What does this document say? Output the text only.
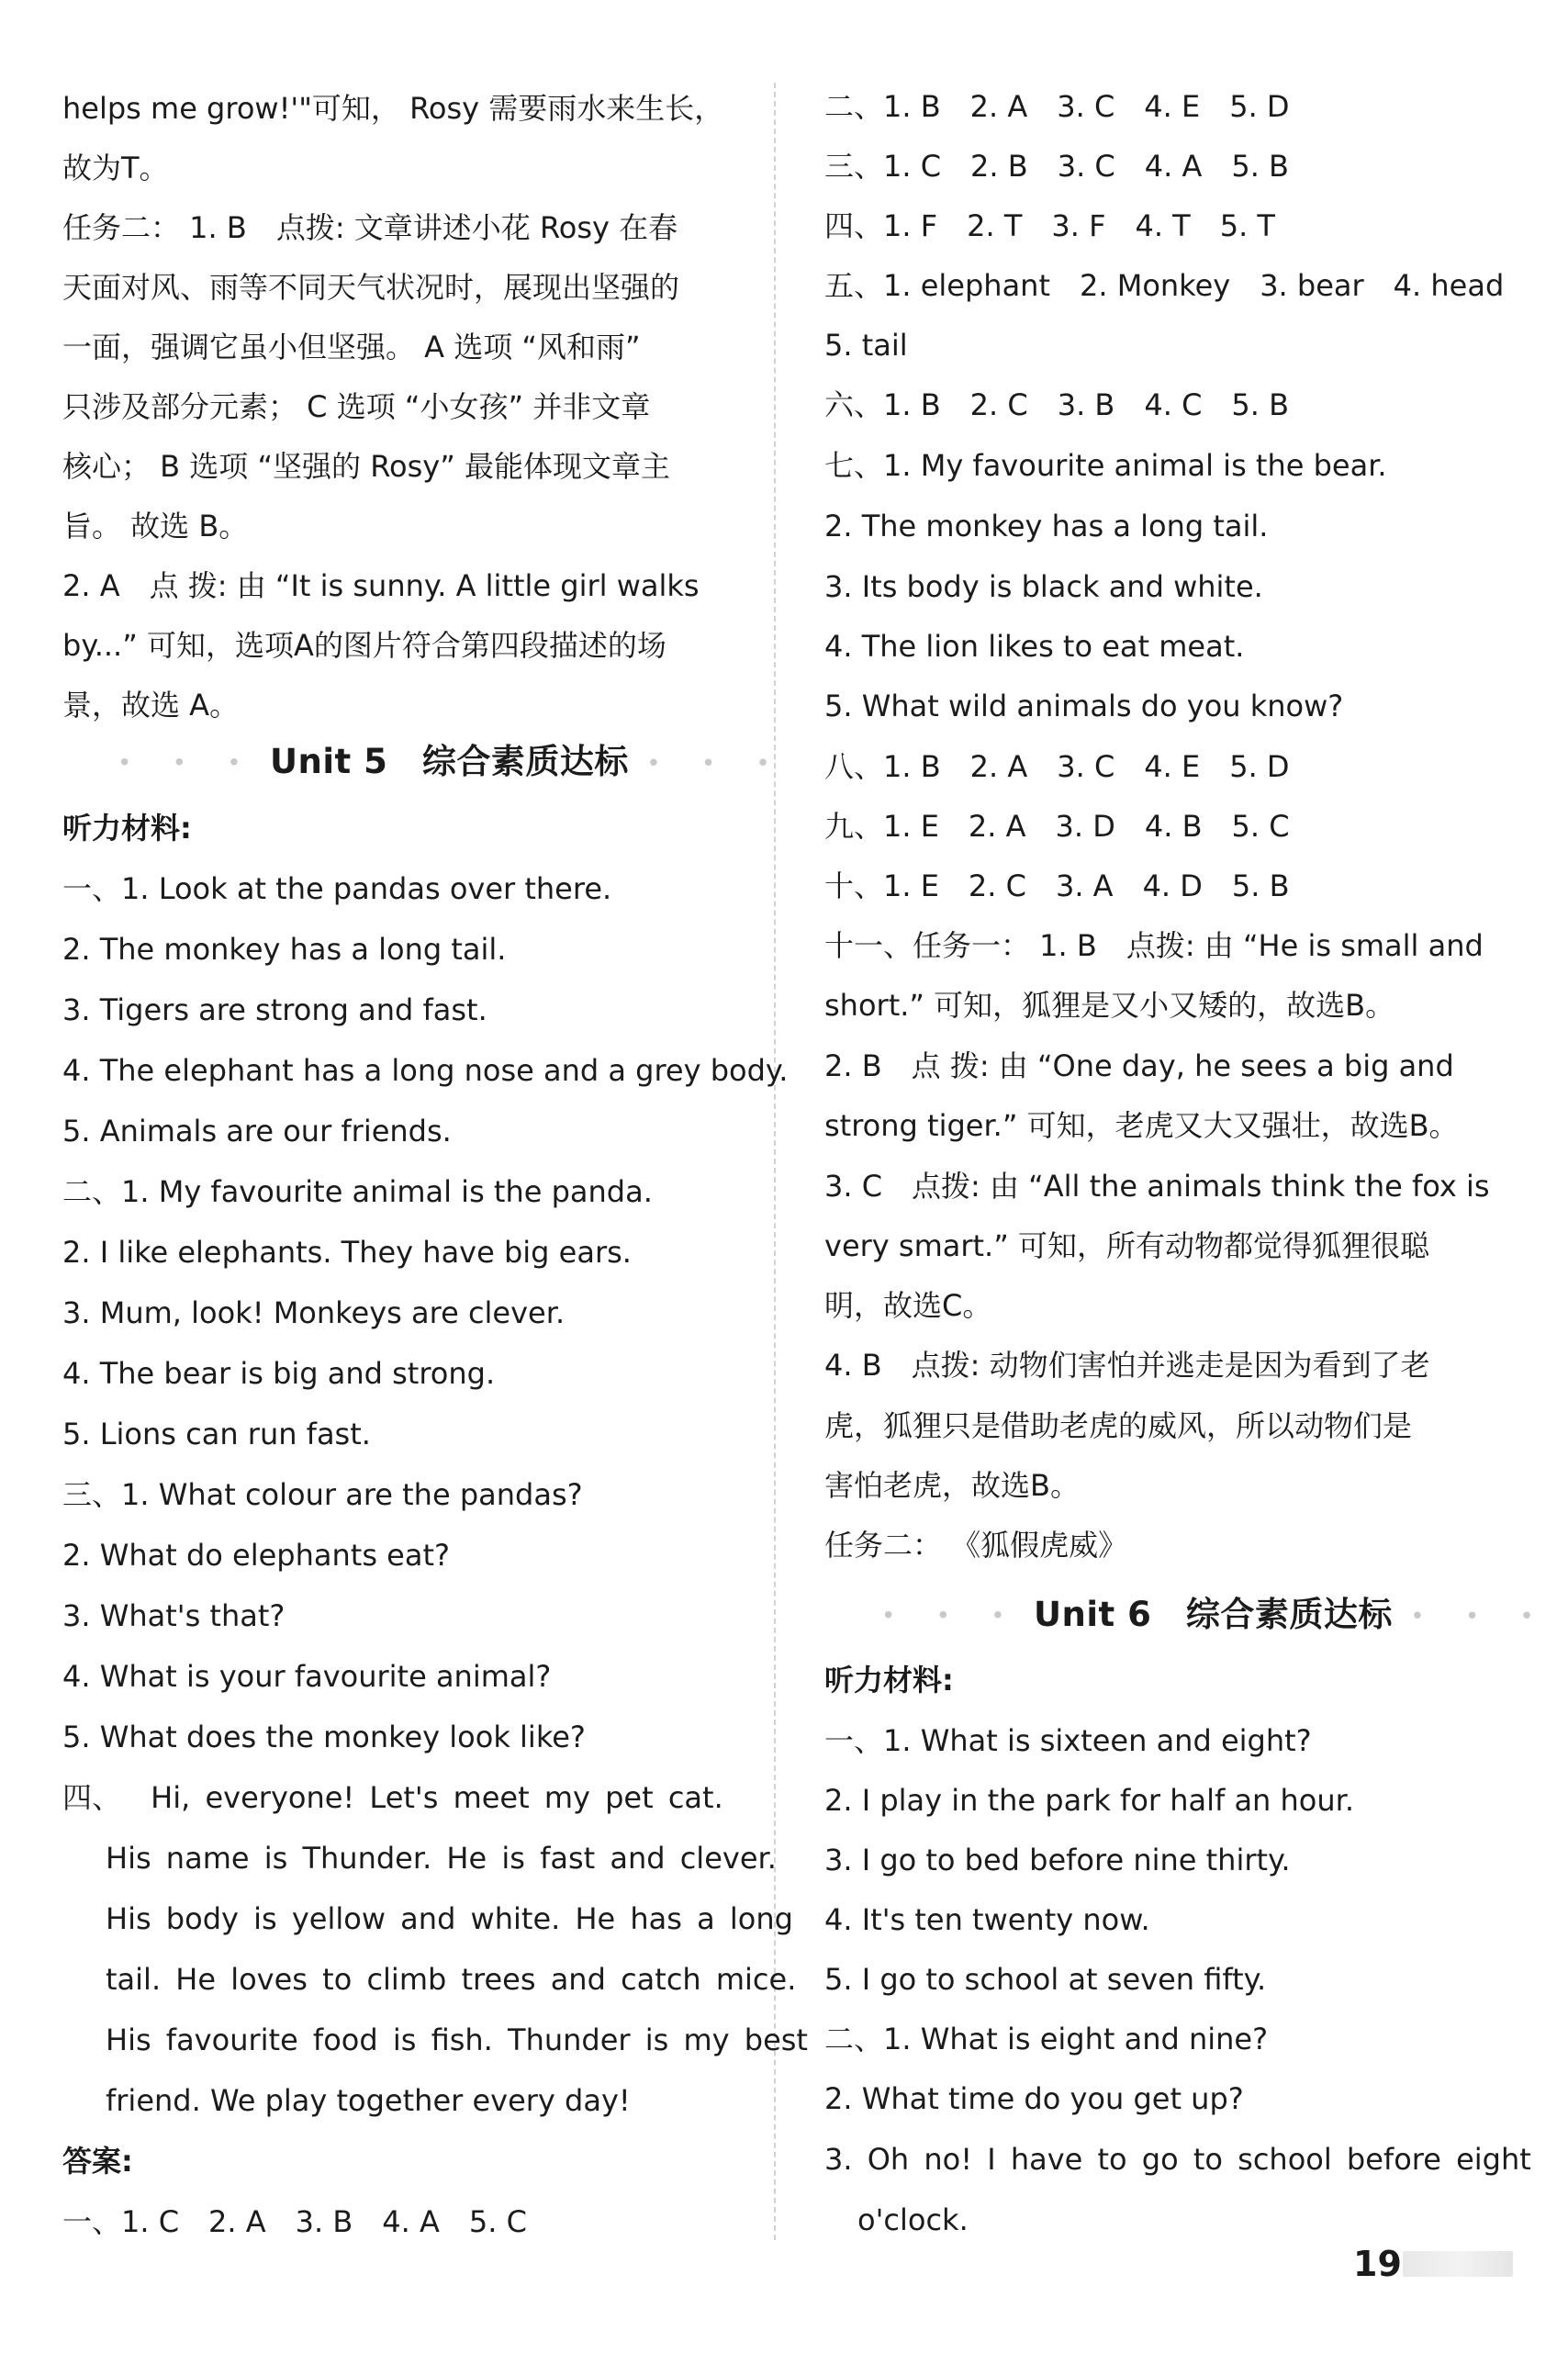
helps me grow!'"可知， Rosy 需要雨水来生长，
故为T。
任务二： 1. B　点拨: 文章讲述小花 Rosy 在春
天面对风、雨等不同天气状况时，展现出坚强的
一面，强调它虽小但坚强。 A 选项 “风和雨”
只涉及部分元素； C 选项 “小女孩” 并非文章
核心； B 选项 “坚强的 Rosy” 最能体现文章主
旨。 故选 B。
2. A　点 拨: 由 “It is sunny. A little girl walks
by...” 可知，选项A的图片符合第四段描述的场
景，故选 A。
• • • Unit 5　综合素质达标 • • •
听力材料:
一、1. Look at the pandas over there.
2. The monkey has a long tail.
3. Tigers are strong and fast.
4. The elephant has a long nose and a grey body.
5. Animals are our friends.
二、1. My favourite animal is the panda.
2. I like elephants. They have big ears.
3. Mum, look! Monkeys are clever.
4. The bear is big and strong.
5. Lions can run fast.
三、1. What colour are the pandas?
2. What do elephants eat?
3. What's that?
4. What is your favourite animal?
5. What does the monkey look like?
四、　 Hi, everyone! Let's meet my pet cat.
His name is Thunder. He is fast and clever.
His body is yellow and white. He has a long
tail. He loves to climb trees and catch mice.
His favourite food is fish. Thunder is my best
friend. We play together every day!
答案:
一、1. C　2. A　3. B　4. A　5. C
二、1. B　2. A　3. C　4. E　5. D
三、1. C　2. B　3. C　4. A　5. B
四、1. F　2. T　3. F　4. T　5. T
五、1. elephant　2. Monkey　3. bear　4. head
5. tail
六、1. B　2. C　3. B　4. C　5. B
七、1. My favourite animal is the bear.
2. The monkey has a long tail.
3. Its body is black and white.
4. The lion likes to eat meat.
5. What wild animals do you know?
八、1. B　2. A　3. C　4. E　5. D
九、1. E　2. A　3. D　4. B　5. C
十、1. E　2. C　3. A　4. D　5. B
十一、任务一： 1. B　点拨: 由 “He is small and
short.” 可知，狐狸是又小又矮的，故选B。
2. B　点 拨: 由 “One day, he sees a big and
strong tiger.” 可知，老虎又大又强壮，故选B。
3. C　点拨: 由 “All the animals think the fox is
very smart.” 可知，所有动物都觉得狐狸很聪
明，故选C。
4. B　点拨: 动物们害怕并逃走是因为看到了老
虎，狐狸只是借助老虎的威风，所以动物们是
害怕老虎，故选B。
任务二： 《狐假虎威》
• • • Unit 6　综合素质达标 • • •
听力材料:
一、1. What is sixteen and eight?
2. I play in the park for half an hour.
3. I go to bed before nine thirty.
4. It's ten twenty now.
5. I go to school at seven fifty.
二、1. What is eight and nine?
2. What time do you get up?
3. Oh no! I have to go to school before eight
o'clock.
19
